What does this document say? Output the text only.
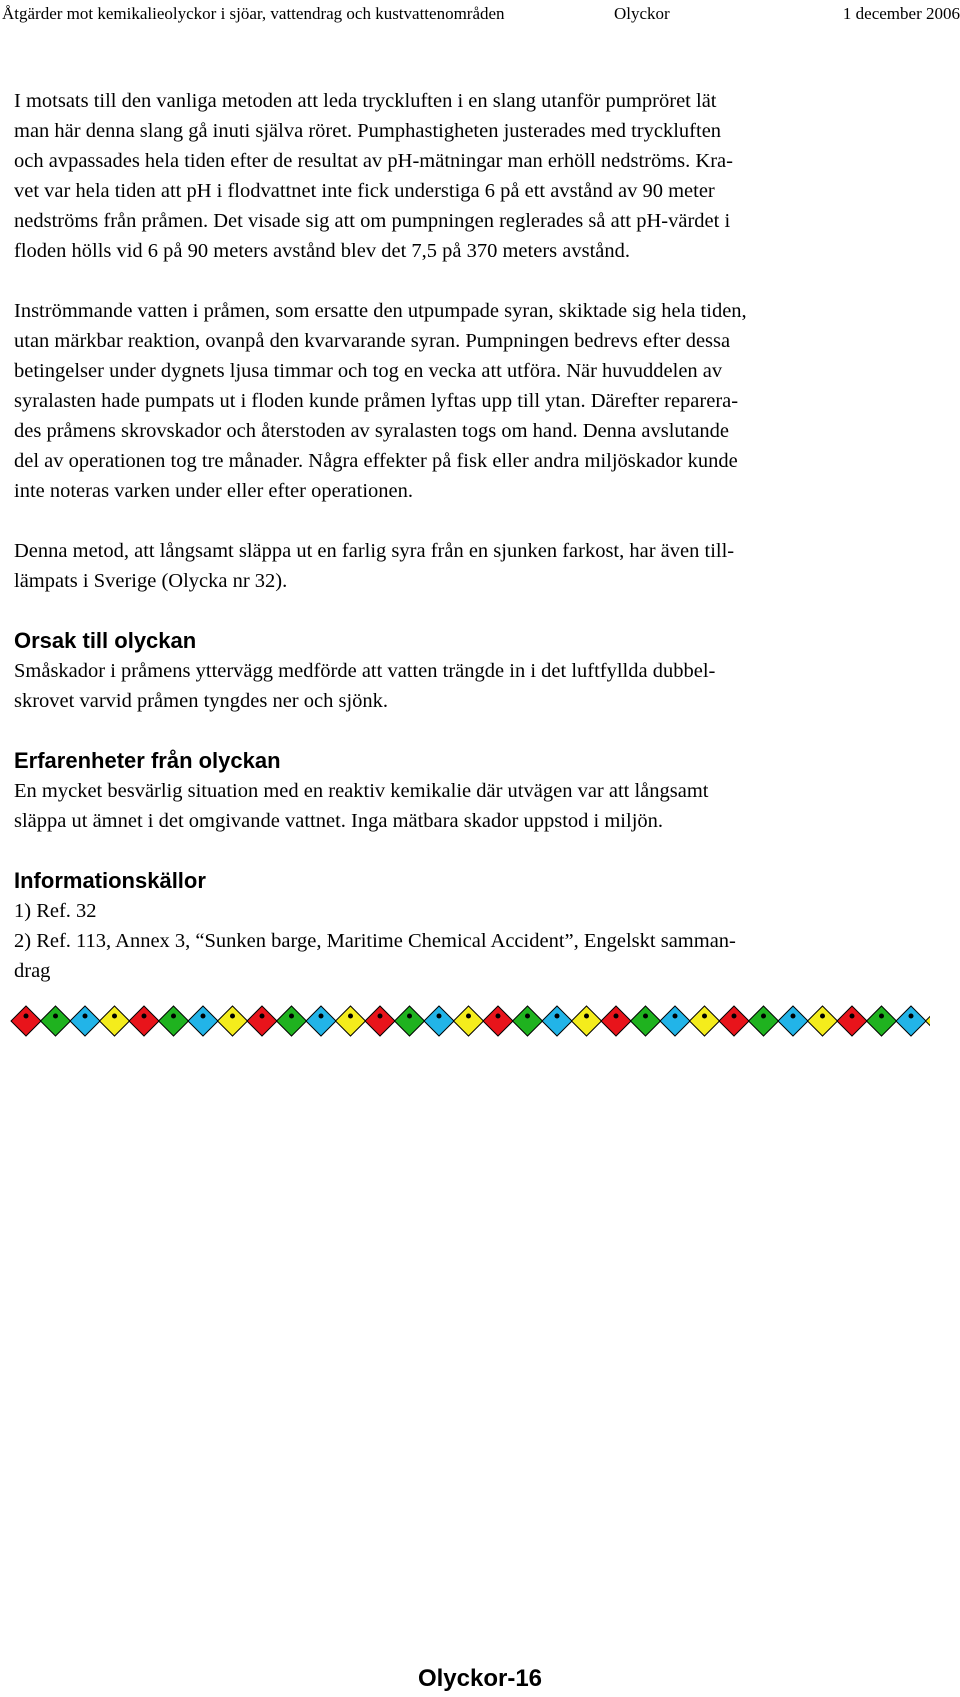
Åtgärder mot kemikalieolyckor i sjöar, vattendrag och kustvattenområden	Olyckor	1 december 2006

I motsats till den vanliga metoden att leda tryckluften i en slang utanför pumpröret lät
man här denna slang gå inuti själva röret. Pumphastigheten justerades med tryckluften
och avpassades hela tiden efter de resultat av pH-mätningar man erhöll nedströms. Kra-
vet var hela tiden att pH i flodvattnet inte fick understiga 6 på ett avstånd av 90 meter
nedströms från pråmen. Det visade sig att om pumpningen reglerades så att pH-värdet i
floden hölls vid 6 på 90 meters avstånd blev det 7,5 på 370 meters avstånd.

Inströmmande vatten i pråmen, som ersatte den utpumpade syran, skiktade sig hela tiden,
utan märkbar reaktion, ovanpå den kvarvarande syran. Pumpningen bedrevs efter dessa
betingelser under dygnets ljusa timmar och tog en vecka att utföra. När huvuddelen av
syralasten hade pumpats ut i floden kunde pråmen lyftas upp till ytan. Därefter reparera-
des pråmens skrovskador och återstoden av syralasten togs om hand. Denna avslutande
del av operationen tog tre månader. Några effekter på fisk eller andra miljöskador kunde
inte noteras varken under eller efter operationen.

Denna metod, att långsamt släppa ut en farlig syra från en sjunken farkost, har även till-
lämpats i Sverige (Olycka nr 32).

Orsak till olyckan

Småskador i pråmens yttervägg medförde att vatten trängde in i det luftfyllda dubbel-
skrovet varvid pråmen tyngdes ner och sjönk.

Erfarenheter från olyckan

En mycket besvärlig situation med en reaktiv kemikalie där utvägen var att långsamt
släppa ut ämnet i det omgivande vattnet. Inga mätbara skador uppstod i miljön.

Informationskällor

1) Ref. 32
2) Ref. 113, Annex 3, “Sunken barge, Maritime Chemical Accident”, Engelskt samman-
drag

Olyckor-16
